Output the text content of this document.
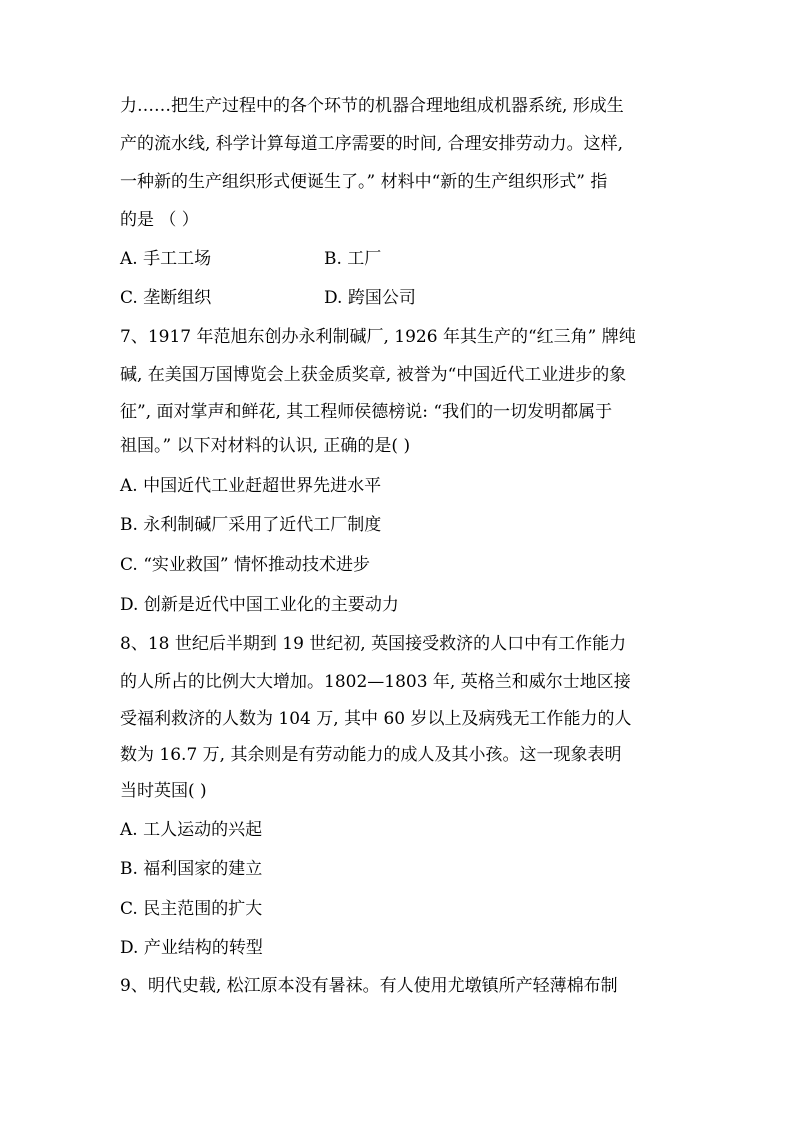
力……把生产过程中的各个环节的机器合理地组成机器系统, 形成生

产的流水线, 科学计算每道工序需要的时间, 合理安排劳动力。这样,

一种新的生产组织形式便诞生了。” 材料中“新的生产组织形式” 指

的是 （ ）

A. 手工工场	B. 工厂

C. 垄断组织	D. 跨国公司

7、1917 年范旭东创办永利制碱厂, 1926 年其生产的“红三角” 牌纯

碱, 在美国万国博览会上获金质奖章, 被誉为“中国近代工业进步的象

征”, 面对掌声和鲜花, 其工程师侯德榜说: “我们的一切发明都属于

祖国。” 以下对材料的认识, 正确的是( )

A. 中国近代工业赶超世界先进水平

B. 永利制碱厂采用了近代工厂制度

C. “实业救国” 情怀推动技术进步

D. 创新是近代中国工业化的主要动力

8、18 世纪后半期到 19 世纪初, 英国接受救济的人口中有工作能力

的人所占的比例大大增加。1802—1803 年, 英格兰和威尔士地区接

受福利救济的人数为 104 万, 其中 60 岁以上及病残无工作能力的人

数为 16.7 万, 其余则是有劳动能力的成人及其小孩。这一现象表明

当时英国( )

A. 工人运动的兴起

B. 福利国家的建立

C. 民主范围的扩大

D. 产业结构的转型

9、明代史载, 松江原本没有暑袜。有人使用尤墩镇所产轻薄棉布制
